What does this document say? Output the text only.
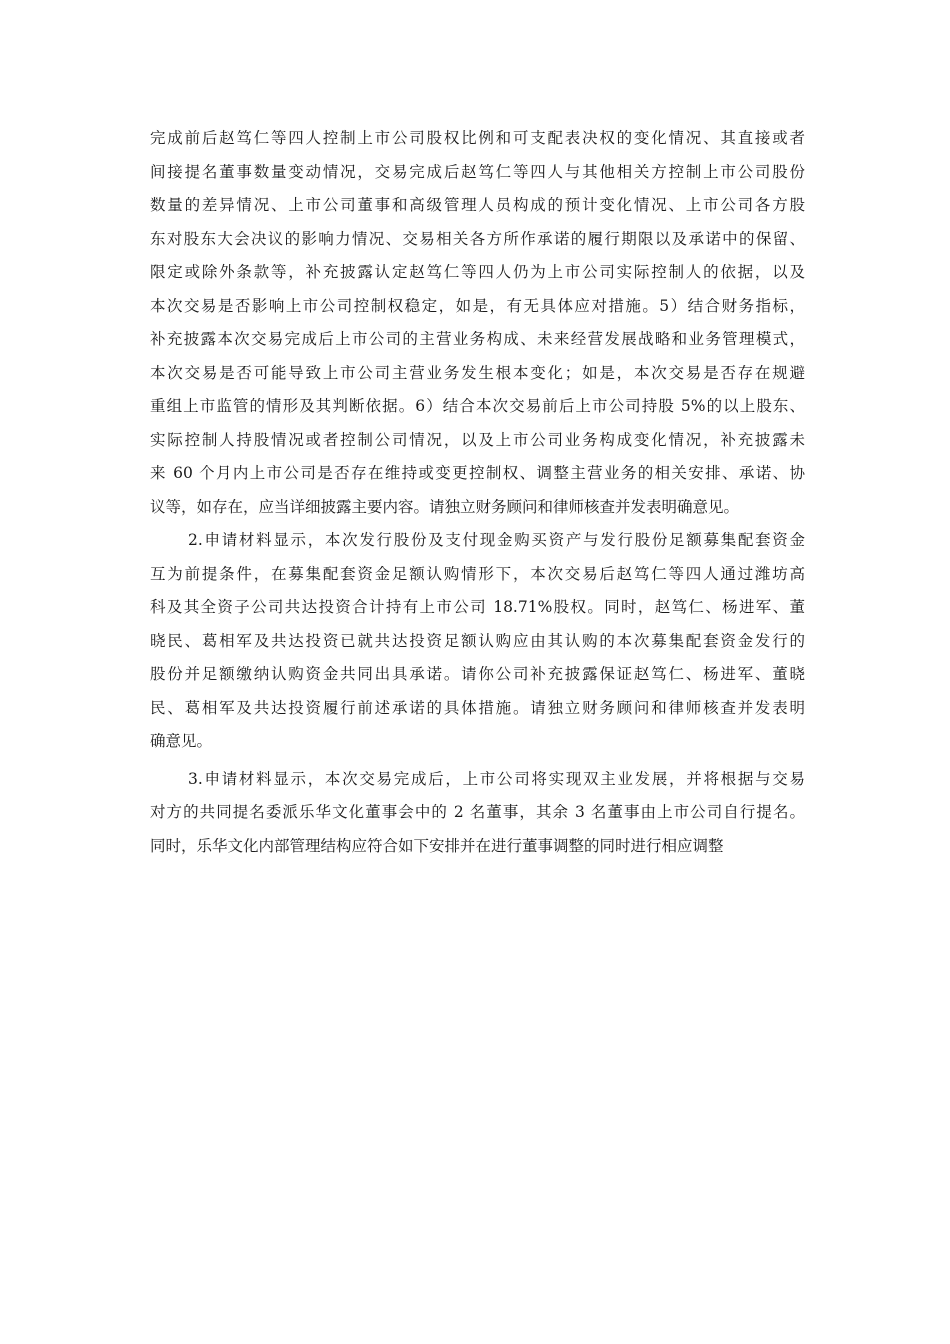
完成前后赵笃仁等四人控制上市公司股权比例和可支配表决权的变化情况、其直接或者
间接提名董事数量变动情况，交易完成后赵笃仁等四人与其他相关方控制上市公司股份
数量的差异情况、上市公司董事和高级管理人员构成的预计变化情况、上市公司各方股
东对股东大会决议的影响力情况、交易相关各方所作承诺的履行期限以及承诺中的保留、
限定或除外条款等，补充披露认定赵笃仁等四人仍为上市公司实际控制人的依据，以及
本次交易是否影响上市公司控制权稳定，如是，有无具体应对措施。5）结合财务指标，
补充披露本次交易完成后上市公司的主营业务构成、未来经营发展战略和业务管理模式，
本次交易是否可能导致上市公司主营业务发生根本变化；如是，本次交易是否存在规避
重组上市监管的情形及其判断依据。6）结合本次交易前后上市公司持股 5%的以上股东、
实际控制人持股情况或者控制公司情况，以及上市公司业务构成变化情况，补充披露未
来 60 个月内上市公司是否存在维持或变更控制权、调整主营业务的相关安排、承诺、协
议等，如存在，应当详细披露主要内容。请独立财务顾问和律师核查并发表明确意见。
2.申请材料显示，本次发行股份及支付现金购买资产与发行股份足额募集配套资金
互为前提条件，在募集配套资金足额认购情形下，本次交易后赵笃仁等四人通过潍坊高
科及其全资子公司共达投资合计持有上市公司 18.71%股权。同时，赵笃仁、杨进军、董
晓民、葛相军及共达投资已就共达投资足额认购应由其认购的本次募集配套资金发行的
股份并足额缴纳认购资金共同出具承诺。请你公司补充披露保证赵笃仁、杨进军、董晓
民、葛相军及共达投资履行前述承诺的具体措施。请独立财务顾问和律师核查并发表明
确意见。
3.申请材料显示，本次交易完成后，上市公司将实现双主业发展，并将根据与交易
对方的共同提名委派乐华文化董事会中的 2 名董事，其余 3 名董事由上市公司自行提名。
同时，乐华文化内部管理结构应符合如下安排并在进行董事调整的同时进行相应调整
